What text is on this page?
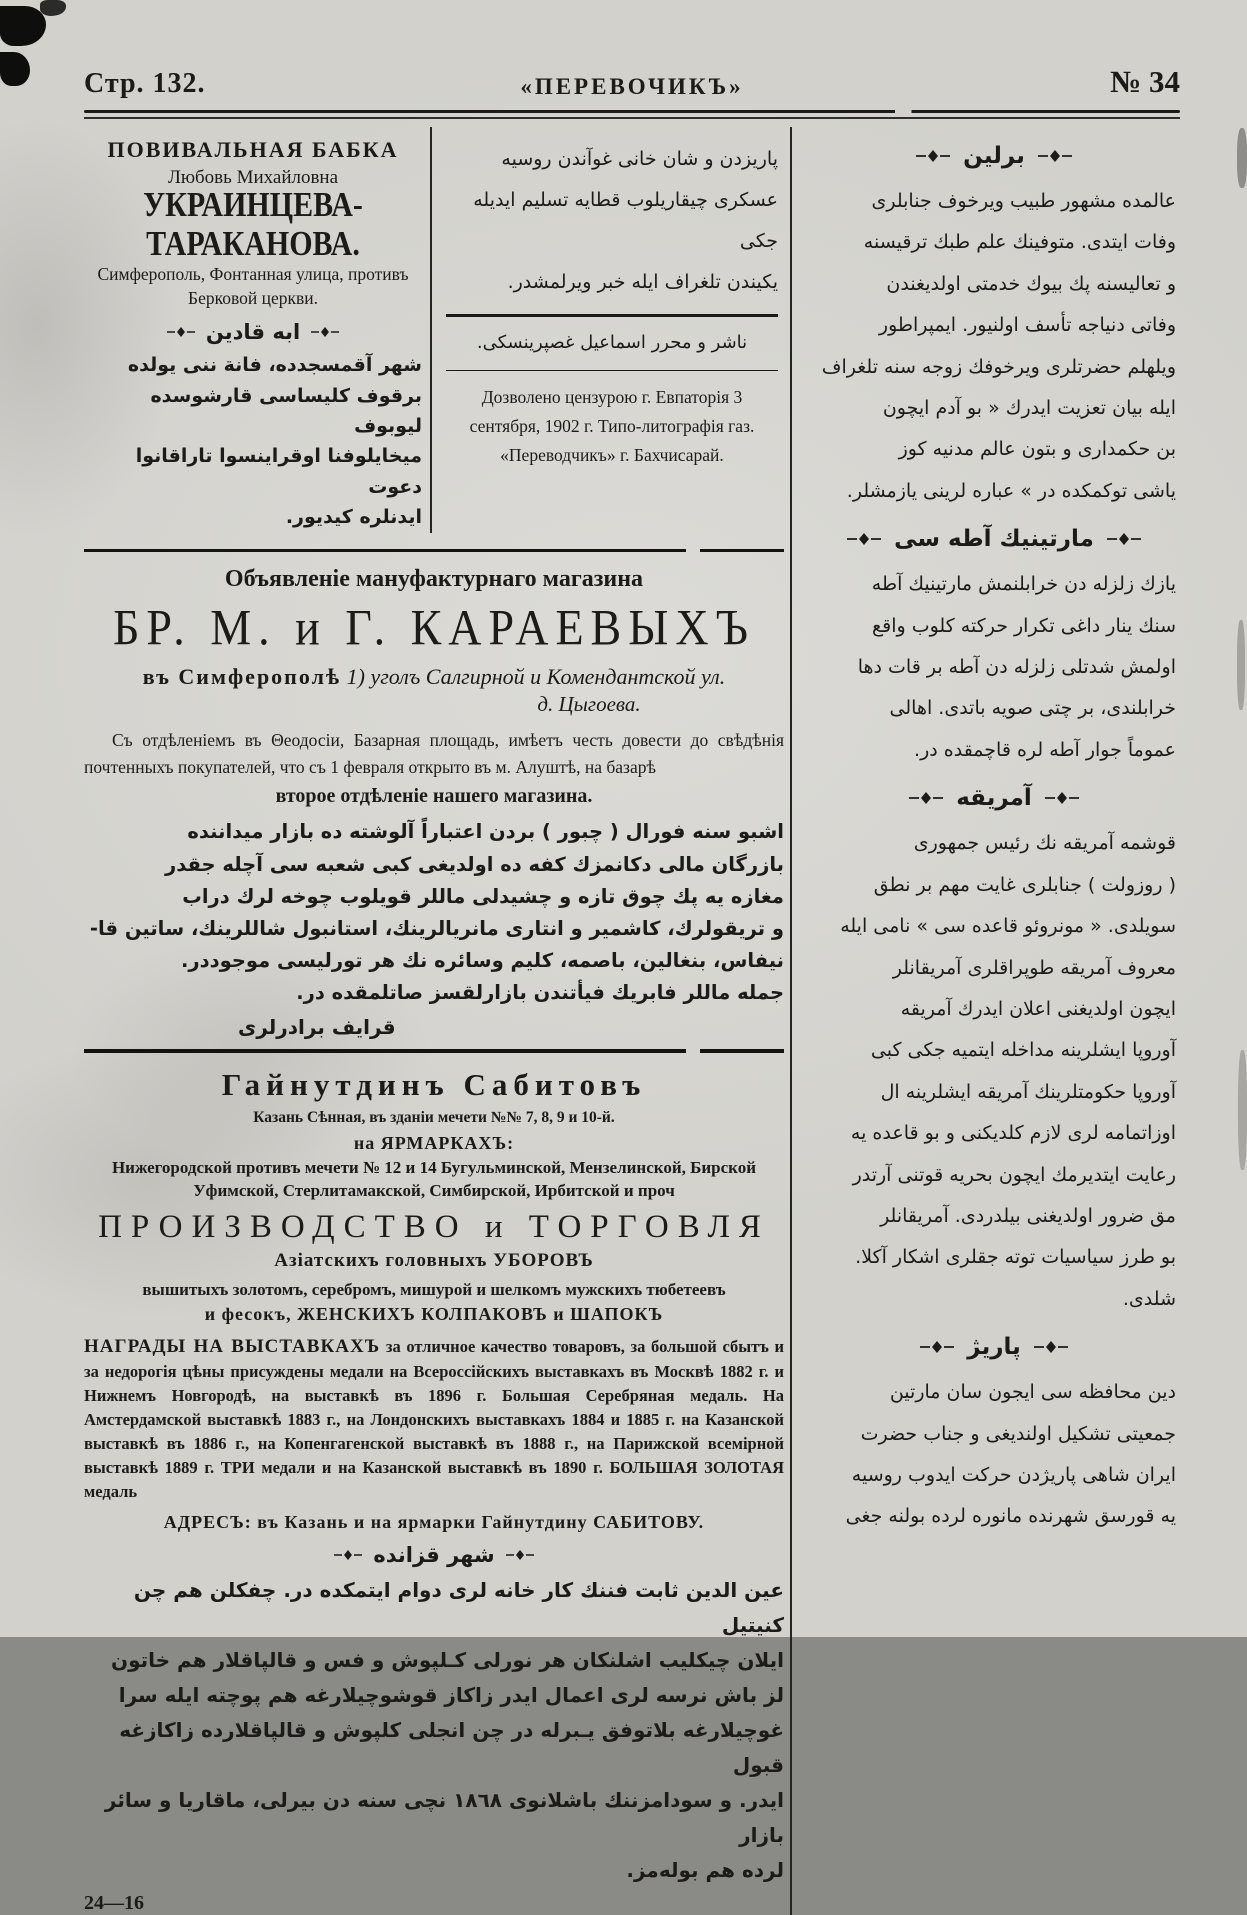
Стр. 132.	«ПЕРЕВОЧИКЪ»	№ 34
ПОВИВАЛЬНАЯ БАБКА
Любовь Михайловна
УКРАИНЦЕВА-ТАРАКАНОВА.
Симферополь, Фонтанная улица, противъ Берковой церкви.
ابه قادين
شهر آقمسجدده، فانة ننى يولده
برقوف كليساسى قارشوسده ليوبوف
ميخايلوفنا اوقراينسوا تاراقانوا دعوت
ايدنلره كيديور.
پاريزدن و شان خانى غوآندن روسيه
عسكرى چيقاريلوب قطايه تسليم ايديله جكى
يكيندن تلغراف ايله خبر ويرلمشدر.
ناشر و محرر اسماعيل غصپرينسكى.
Дозволено цензурою г. Евпаторія 3 сентября, 1902 г. Типо-литографія газ. «Переводчикъ» г. Бахчисарай.
Объявленіе мануфактурнаго магазина
БР. М. и Г. КАРАЕВЫХЪ
въ Симферополѣ 1) уголъ Салгирной и Комендантской ул.
д. Цыгоева.
Съ отдѣленіемъ въ Θеодосіи, Базарная площадь, имѣетъ честь довести до свѣдѣнія почтенныхъ покупателей, что съ 1 февраля открыто въ м. Алуштѣ, на базарѣ
второе отдѣленіе нашего магазина.
اشبو سنه فورال ( چبور ) بردن اعتباراً آلوشته ده بازار ميداننده
بازرگان مالى دكانمزك كفه ده اولديغى كبى شعبه سى آچله جقدر
مغازه يه پك چوق تازه و چشيدلى ماللر قويلوب چوخه لرك دراب
و تريقولرك، كاشمير و انتارى مانريالرينك، استانبول شاللرينك، ساتين قا-
نيفاس، بنغالين، باصمه، كليم وسائره نك هر تورليسى موجوددر.
جمله ماللر فابريك فيأتندن بازارلقسز صاتلمقده در.
قرايف برادرلرى
Гайнутдинъ Сабитовъ
Казань Сѣнная, въ зданіи мечети №№ 7, 8, 9 и 10-й.
на ЯРМАРКАХЪ:
Нижегородской противъ мечети № 12 и 14 Бугульминской, Мензелинской, Бирской
Уфимской, Стерлитамакской, Симбирской, Ирбитской и проч
ПРОИЗВОДСТВО и ТОРГОВЛЯ
Азіатскихъ головныхъ УБОРОВЪ
вышитыхъ золотомъ, серебромъ, мишурой и шелкомъ мужскихъ тюбетеевъ
и фесокъ, ЖЕНСКИХЪ КОЛПАКОВЪ и ШАПОКЪ
НАГРАДЫ НА ВЫСТАВКАХЪ за отличное качество товаровъ, за большой сбытъ и за недорогія цѣны присуждены медали на Всероссійскихъ выставкахъ въ Москвѣ 1882 г. и Нижнемъ Новгородѣ, на выставкѣ въ 1896 г. Большая Серебряная медаль. На Амстердамской выставкѣ 1883 г., на Лондонскихъ выставкахъ 1884 и 1885 г. на Казанской выставкѣ въ 1886 г., на Копенгагенской выставкѣ въ 1888 г., на Парижской всемірной выставкѣ 1889 г. ТРИ медали и на Казанской выставкѣ въ 1890 г. БОЛЬШАЯ ЗОЛОТАЯ медаль
АДРЕСЪ: въ Казань и на ярмарки Гайнутдину САБИТОВУ.
شهر قزانده
عين الدين ثابت فننك كار خانه لرى دوام ايتمكده در. چفكلن هم چن كنيتيل
ايلان چيكليب اشلنكان هر نورلى كـلپوش و فس و قالپاقلار هم خاتون
لز باش نرسه لرى اعمال ايدر زاكاز قوشوچيلارغه هم پوچته ايله سرا
غوچيلارغه بلاتوفق يـبرله در چن انجلى كلپوش و قالپاقلارده زاكازغه قبول
ايدر. و سودامزننك باشلانوى ١٨٦٨ نچى سنه دن بيرلى، ماقاريا و سائر بازار
لرده هم بولەمز.
24—16
برلين
عالمده مشهور طبيب ويرخوف جنابلرى
وفات ايتدى. متوفينك علم طبك ترقيسنه
و تعاليسنه پك بيوك خدمتى اولديغندن
وفاتى دنياجه تأسف اولنيور. ايمپراطور
ويلهلم حضرتلرى ويرخوفك زوجه سنه تلغراف
ايله بيان تعزيت ايدرك « بو آدم ايچون
بن حكمدارى و بتون عالم مدنيه كوز
ياشى توكمكده در » عباره لرينى يازمشلر.
مارتينيك آطه سى
يازك زلزله دن خرابلنمش مارتينيك آطه
سنك ينار داغى تكرار حركته كلوب واقع
اولمش شدتلى زلزله دن آطه بر قات دها
خرابلندى، بر چتى صويه باتدى. اهالى
عموماً جوار آطه لره قاچمقده در.
آمريقه
قوشمه آمريقه نك رئيس جمهورى
( روزولت ) جنابلرى غايت مهم بر نطق
سويلدى. « مونروئو قاعده سى » نامى ايله
معروف آمريقه طوپراقلرى آمريقانلر
ايچون اولديغنى اعلان ايدرك آمريقه
آوروپا ايشلرينه مداخله ايتميه جكى كبى
آوروپا حكومتلرينك آمريقه ايشلرينه ال
اوزاتمامه لرى لازم كلديكنى و بو قاعده يه
رعايت ايتديرمك ايچون بحريه قوتنى آرتدر
مق ضرور اولديغنى بيلدردى. آمريقانلر
بو طرز سياسيات توته جقلرى اشكار آكلا.
شلدى.
پاريژ
دين محافظه سى ايجون سان مارتين
جمعيتى تشكيل اولنديغى و جناب حضرت
ايران شاهى پاريژدن حركت ايدوب روسيه
يه قورسق شهرنده مانوره لرده بولنه جغى
